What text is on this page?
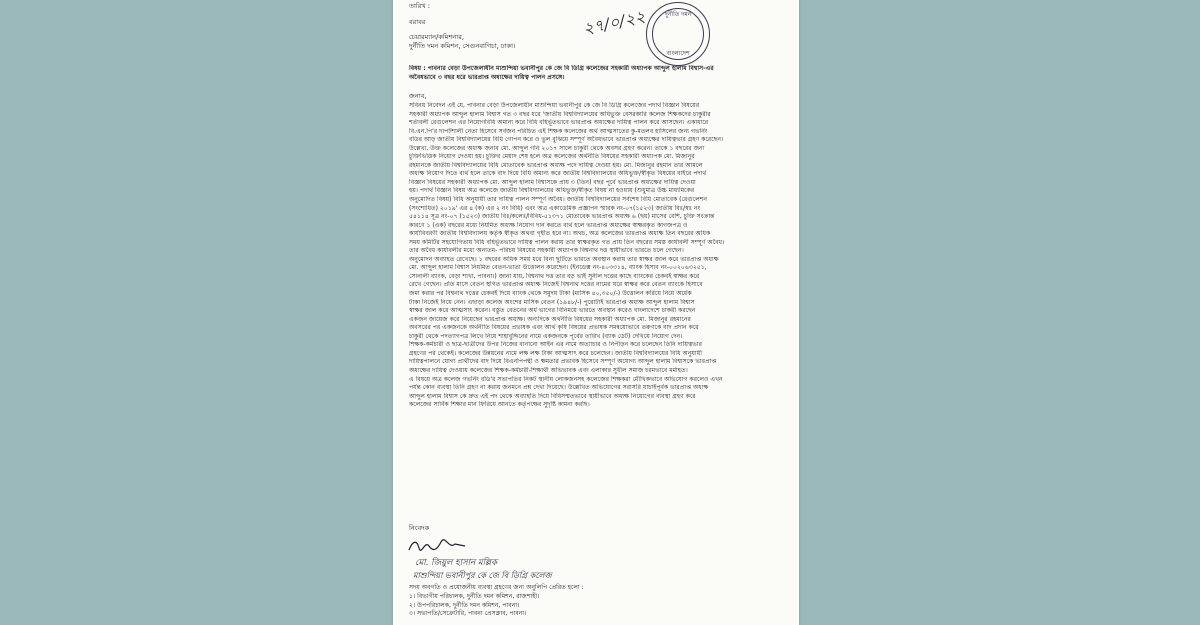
তারিখ :
২৭/০/২২	দুর্নীতি দমন
বাংলাদেশ
বরাবর
চেয়ারম্যান/কমিশনার,
দুর্নীতি দমন কমিশন, সেগুনবাগিচা, ঢাকা।
বিষয় : পাবনার বেড়া উপজেলাধীন মাশুন্দিয়া ভবানীপুর কে জে বি ডিগ্রি কলেজের সহকারী অধ্যাপক আব্দুল হালাম বিশ্বাস-এর
অবৈধভাবে ৩ বছর ধরে ভারপ্রাপ্ত অধ্যক্ষের দায়িত্ব পালন প্রসঙ্গে।
জনাব,
সবিনয় নিবেদন এই যে, পাবনার বেড়া উপজেলাধীন মাশুন্দিয়া ভবানীপুর কে জে বি ডিগ্রি কলেজের পদার্থ বিজ্ঞান বিষয়ের
সহকারী অধ্যাপক আব্দুল হালাম বিশ্বাস গত ৩ বছর ধরে 'জাতীয় বিশ্ববিদ্যালয়ের অধিভুক্ত বেসরকারি কলেজ শিক্ষকদের চাকুরীর
শর্তাবলী রেগুলেশন এর নিয়োগবিধি অমান্য করে বিধি বহির্ভূতভাবে ভারপ্রাপ্ত অধ্যক্ষের দায়িত্ব পালন করে আসছেন। একাধারে
বি.এন.পি'র দাপটশালী নেতা হিসেবে সর্বজন পরিচিত এই শিক্ষক কলেজের অর্থ আত্মসাতের কু-মতলব হাসিলের জন্য গভর্নিং
বডির আড় জাতীয় বিশ্ববিদ্যালয়ের বিধি গোপন করে ও ভুল বুঝিয়ে সম্পূর্ণ অবৈধভাবে ভারপ্রাপ্ত অধ্যক্ষের দায়িত্বভার গ্রহণ করেছেন।
উল্লেখ্য, উক্ত কলেজের অধ্যক্ষ জনাব মো. আব্দুল গনি ২০১৭ সালে চাকুরী থেকে অবসর গ্রহণ করেন। তাকে ১ বছরের জন্য
চুক্তিভিত্তিক নিয়োগ দেওয়া হয়। চুক্তির মেয়াদ শেষ হলে অত্র কলেজের অর্থনীতি বিষয়ের সহকারী অধ্যাপক মো. মিজানুর
রহমানকে জাতীয় বিশ্ববিদ্যালয়ের বিধি মোতাবেক ভারপ্রাপ্ত অধ্যক্ষ পদে দায়িত্ব দেওয়া হয়। মো. মিজানুর রহমান তার আমলে
অধ্যক্ষ নিয়োগ দিতে ব্যর্থ হলে তাকে বাদ দিয়ে বিধি অমান্য করে জাতীয় বিশ্ববিদ্যালয়ের অধিভুক্ত/স্বীকৃত বিষয়ের বাইরে পদার্থ
বিজ্ঞান বিষয়ের সহকারী অধ্যাপক মো. আব্দুল হালাম বিশ্বাসকে প্রায় ৩ (তিন) বছর পূর্বে ভারপ্রাপ্ত অধ্যক্ষের দায়িত্ব দেওয়া
হয়। পদার্থ বিজ্ঞান বিষয় অত্র কলেজে জাতীয় বিশ্ববিদ্যালয়ের অধিভুক্ত/স্বীকৃত বিষয় না হওয়ায় (শুধুমাত্র উচ্চ মাধ্যমিকের
অনুমোদিত বিষয়) বিধি অনুযায়ী তার দায়িত্ব পালন সম্পূর্ণ অবৈধ। জাতীয় বিশ্ববিদ্যালয়ের সর্বশেষ বিধি মোতাবেক (রেগুলেশন
(সংশোধিত) ২০১৯' এর ৪ (ক) এর ২ নং বিধি) এবং অত্র একাডেমিক প্রজ্ঞাপন স্মারক নং-০৭(১৫২৩) জাতীয় বিঃ/স্বঃ নং
৫৪১১৪ সূত্র নং-০৭ (১৫২৩) জাতীয় বিঃ/কলেঃ/বিবিধ-৫১৩৭১ মোতাবেক ভারপ্রাপ্ত অধ্যক্ষ ৬ (ছয়) মাসের বেশি, চুক্তি সংক্রান্ত
কারণে ১ (এক) বছরের মধ্যে নিয়মিত অধ্যক্ষ নিয়োগ দান করতে ব্যর্থ হলে ভারপ্রাপ্ত অধ্যক্ষের স্বাক্ষরকৃত কাগজপত্র ও
কার্যাবিবরণী জাতীয় বিশ্ববিদ্যালয় কর্তৃক স্বীকৃত অথবা গৃহীত হবে না। অথচ, অত্র কলেজের ভারপ্রাপ্ত অধ্যক্ষ তিন বছরের অধিক
সময় কমিটির সহযোগিতায় বিধি বহির্ভূতভাবে দায়িত্ব পালন করায় তার স্বাক্ষরকৃত গত প্রায় তিন বছরের সমস্ত কার্যাবলী সম্পূর্ণ অবৈধ।
তার অবৈধ কার্যাবলীর মধ্যে অন্যতম- পরিচয় বিষয়ের সহকারী অধ্যাপক বিশ্বনাথ দত্ত স্থায়ীভাবে ভারতে চলে গেছেন।
অনুমোদন অব্যাহত রেখেছে। ১ বছরের অধিক সময় ধরে বিনা ছুটিতে ভারতে অবস্থান করায় তার স্বাক্ষর জাল করে ভারপ্রাপ্ত অধ্যক্ষ
মো. আব্দুল হালাম বিশ্বাস নিয়মিত বেতন-ভাতা উত্তোলন করেছেন। (ইনডেক্স নং-৪০৩৩১৪, ব্যাংক হিসাব নং-০০২০৬৩২৫১,
সোনালী ব্যাংক, বেড়া শাখা, পাবনা।) জানা যায়, বিশ্বনাথ দত্ত তার বড় ভাই সুনীল দত্তের কাছে ব্যাংকের চেকবই স্বাক্ষর করে
রেখে গেছেন। প্রতি মাসে বেতন স্থগিত ভারপ্রাপ্ত অধ্যক্ষ নিজেই বিশ্বনাথ দত্তের নামের ঘরে স্বাক্ষর করে বেতন ব্যাংকে হিসাবে
জমা করার পর বিশ্বনাথ দত্তের চেকবই দিয়ে ব্যাংক থেকে সমুদয় টাকা (মাসিক ৪০,৩৫০/-) উত্তোলন করিয়ে নিয়ে অর্ধেক
টাকা নিজেই নিয়ে নেন। এছাড়া কলেজ অংশের মাসিক বেতন (১৯৪৮/-) পুরোটাই ভারপ্রাপ্ত অধ্যক্ষ আব্দুল হালাম বিশ্বাস
স্বাক্ষর জাল করে আত্মসাৎ করেন। বস্তুত বেতনের অর্ধ ভাগের বিনিময়ে ভারতে অবস্থান করেও বাংলাদেশে চাকরী করছেন
একজন জায়েজ করে নিয়েছেন ভারপ্রাপ্ত অধ্যক্ষ। অন্যদিকে অর্থনীতি বিষয়ের সহকারী অধ্যাপক মো. মিজানুর রহমানের
অবসরের পর একজনকে অর্থনীতি বিষয়ের প্রভাষক এবং আর্থ কৃষি বিষয়ের প্রভাষক সমন্বয়োভাবে তরুণকে বাদ প্রদান করে
চাকুরী থেকে পদত্যাগপত্র লিখে নিয়ে শাহাবুদ্দিনের নামে একজনকে পূর্বের তারিখ (ব্যাক ডেট) দেখিয়ে নিয়োগ দেন।
শিক্ষক-কর্মচারী ও ছাত্র-ছাত্রীদের উপর নিজের বানানো আইন এর নামে অত্যাচার ও নিপীড়ন করে চলেছেন তিনি দায়িত্বভার
গ্রহণের পর থেকেই। কলেজের উন্নয়নের নামে লক্ষ লক্ষ টাকা আত্মসাৎ করে চলেছেন। জাতীয় বিশ্ববিদ্যালয়ের বিধি অনুযায়ী
দায়িত্বপালনে যোগ্য প্রার্থীদের বাদ দিয়ে বিএনপিপন্থী ও ক্ষমতার প্রভাবক হিসেবে সম্পূর্ণ অযোগ্য আব্দুল হালাম বিশ্বাসকে ভারপ্রাপ্ত
অধ্যক্ষের দায়িত্ব দেওয়ায় কলেজের শিক্ষক-কর্মচারী-শিক্ষার্থী অভিভাবক এবং এলাকার সুধীল সমাজ চরমভাবে মর্মাহত।
এ বিষয়ে অত্র কলেজ গভর্নিং বডি'র সভাপতির নিকট স্থানীয় লোকজনসহ কলেজের শিক্ষকরা মৌখিকভাবে অভিযোগ করলেও এখন
পর্যন্ত কোন ব্যবস্থা তিনি গ্রহণ না করায় জনমনে প্রশ্ন দেখা দিয়েছে। উল্লেখিত অভিযোগের সরাসরি যাচাইপূর্বক ভারপ্রাপ্ত অধ্যক্ষ
আব্দুল হালাম বিশ্বাস কে দ্রুত এই পদ থেকে অব্যাহতি দিয়ে বিধিসম্মতভাবে স্থায়ীভাবে অধ্যক্ষ নিয়োগের ব্যবস্থা গ্রহণ করে
কলেজের সার্বিক শিক্ষার মান ফিরিয়ে আনতে কর্তৃপক্ষের সুদৃষ্টি কামনা করছি।
নিবেদক
মো. জিয়ুল হাসান মল্লিক
মাশুন্দিয়া ভবানীপুর কে জে বি ডিগ্রি কলেজ
সদয় অবগতি ও প্রয়োজনীয় ব্যবস্থা গ্রহণের জন্য অনুলিপি প্রেরিত হলো :
১। বিভাগীয় পরিচালক, দুর্নীতি দমন কমিশন, রাজশাহী।
২। উপপরিচালক, দুর্নীতি দমন কমিশন, পাবনা।
৩। সভাপতি/সেক্রেটারি, পাবনা প্রেসক্লাব, পাবনা।
